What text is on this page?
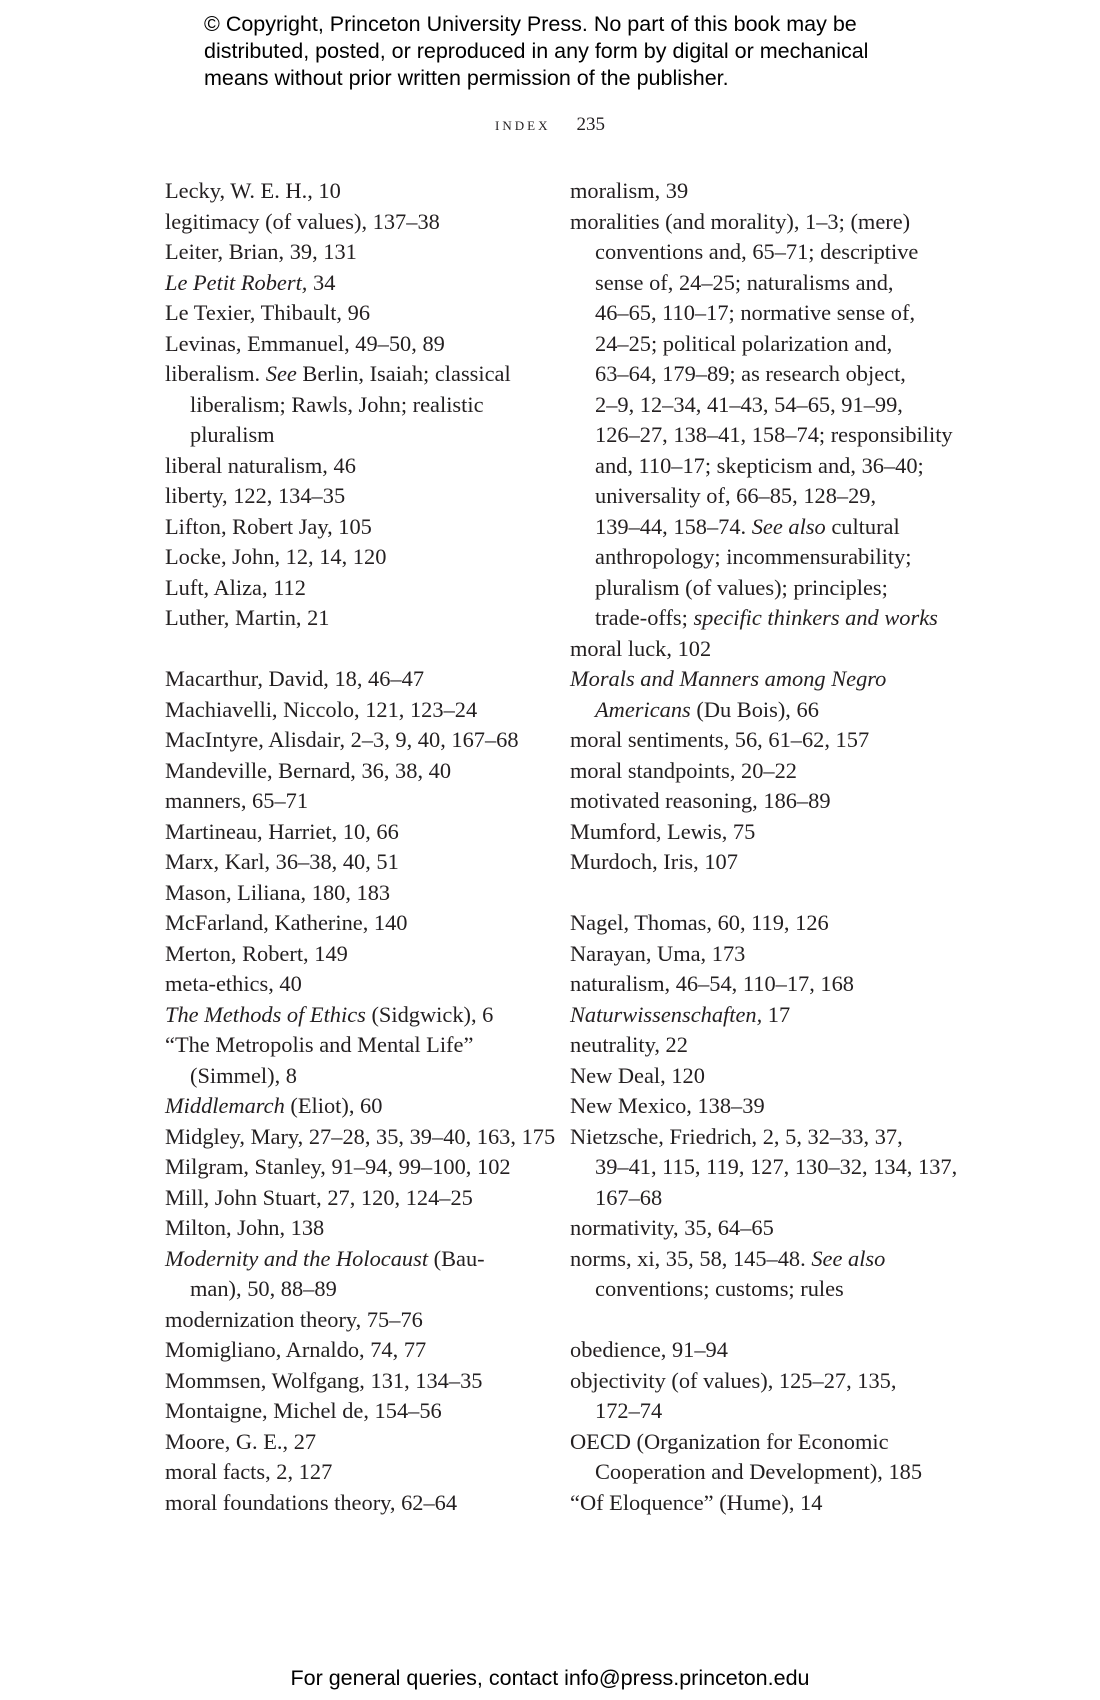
© Copyright, Princeton University Press. No part of this book may be
distributed, posted, or reproduced in any form by digital or mechanical
means without prior written permission of the publisher.
index 235
Lecky, W. E. H., 10
legitimacy (of values), 137–38
Leiter, Brian, 39, 131
Le Petit Robert, 34
Le Texier, Thibault, 96
Levinas, Emmanuel, 49–50, 89
liberalism. See Berlin, Isaiah; classical
liberalism; Rawls, John; realistic
pluralism
liberal naturalism, 46
liberty, 122, 134–35
Lifton, Robert Jay, 105
Locke, John, 12, 14, 120
Luft, Aliza, 112
Luther, Martin, 21
Macarthur, David, 18, 46–47
Machiavelli, Niccolo, 121, 123–24
MacIntyre, Alisdair, 2–3, 9, 40, 167–68
Mandeville, Bernard, 36, 38, 40
manners, 65–71
Martineau, Harriet, 10, 66
Marx, Karl, 36–38, 40, 51
Mason, Liliana, 180, 183
McFarland, Katherine, 140
Merton, Robert, 149
meta-ethics, 40
The Methods of Ethics (Sidgwick), 6
“The Metropolis and Mental Life”
(Simmel), 8
Middlemarch (Eliot), 60
Midgley, Mary, 27–28, 35, 39–40, 163, 175
Milgram, Stanley, 91–94, 99–100, 102
Mill, John Stuart, 27, 120, 124–25
Milton, John, 138
Modernity and the Holocaust (Bau-
man), 50, 88–89
modernization theory, 75–76
Momigliano, Arnaldo, 74, 77
Mommsen, Wolfgang, 131, 134–35
Montaigne, Michel de, 154–56
Moore, G. E., 27
moral facts, 2, 127
moral foundations theory, 62–64
moralism, 39
moralities (and morality), 1–3; (mere)
conventions and, 65–71; descriptive
sense of, 24–25; naturalisms and,
46–65, 110–17; normative sense of,
24–25; political polarization and,
63–64, 179–89; as research object,
2–9, 12–34, 41–43, 54–65, 91–99,
126–27, 138–41, 158–74; responsibility
and, 110–17; skepticism and, 36–40;
universality of, 66–85, 128–29,
139–44, 158–74. See also cultural
anthropology; incommensurability;
pluralism (of values); principles;
trade-offs; specific thinkers and works
moral luck, 102
Morals and Manners among Negro
Americans (Du Bois), 66
moral sentiments, 56, 61–62, 157
moral standpoints, 20–22
motivated reasoning, 186–89
Mumford, Lewis, 75
Murdoch, Iris, 107
Nagel, Thomas, 60, 119, 126
Narayan, Uma, 173
naturalism, 46–54, 110–17, 168
Naturwissenschaften, 17
neutrality, 22
New Deal, 120
New Mexico, 138–39
Nietzsche, Friedrich, 2, 5, 32–33, 37,
39–41, 115, 119, 127, 130–32, 134, 137,
167–68
normativity, 35, 64–65
norms, xi, 35, 58, 145–48. See also
conventions; customs; rules
obedience, 91–94
objectivity (of values), 125–27, 135,
172–74
OECD (Organization for Economic
Cooperation and Development), 185
“Of Eloquence” (Hume), 14
For general queries, contact info@press.princeton.edu
